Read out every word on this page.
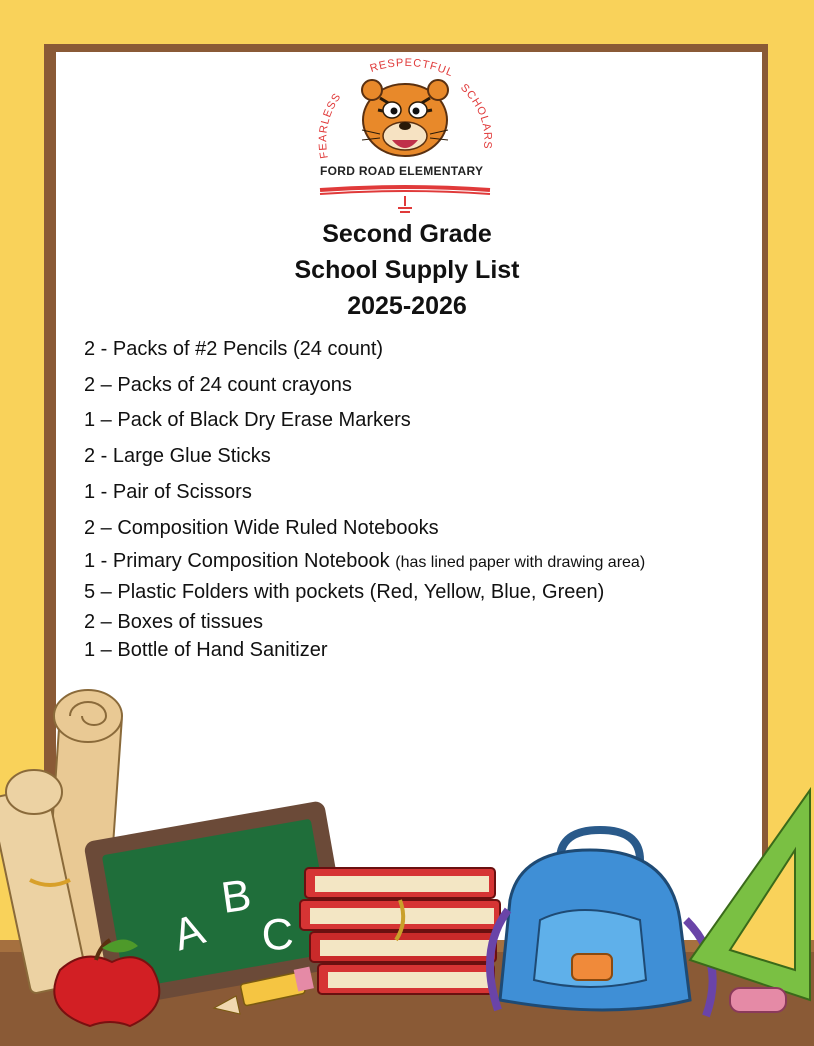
FEARLESS
RESPECTFUL
SCHOLARS
FORD ROAD ELEMENTARY
Second Grade
School Supply List
2025-2026
2 - Packs of #2 Pencils (24 count)
2 – Packs of 24 count crayons
1 – Pack of Black Dry Erase Markers
2 - Large Glue Sticks
1 - Pair of Scissors
2 – Composition Wide Ruled Notebooks
1 - Primary Composition Notebook (has lined paper with drawing area)
5 – Plastic Folders with pockets (Red, Yellow, Blue, Green)
2 – Boxes of tissues
1 – Bottle of Hand Sanitizer
A
B
C
